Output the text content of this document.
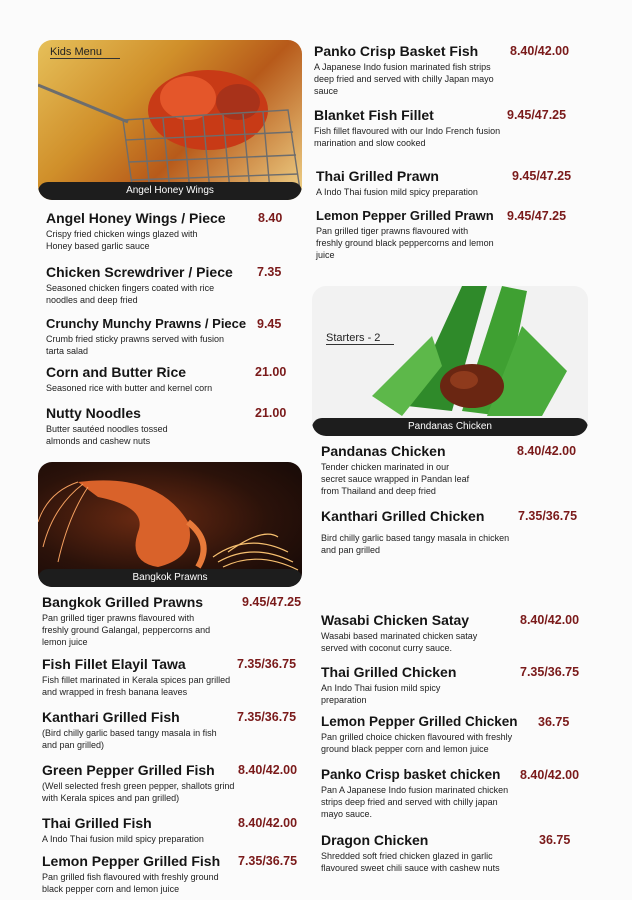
Kids Menu
Angel Honey Wings
Bangkok Prawns
Starters - 2
Pandanas Chicken
Angel Honey Wings / Piece	8.40
Crispy fried chicken wings glazed with Honey based garlic sauce
Chicken Screwdriver / Piece	7.35
Seasoned chicken fingers coated with rice noodles and deep fried
Crunchy Munchy Prawns / Piece 9.45
Crumb fried sticky prawns served with fusion tarta salad
Corn and Butter Rice	21.00
Seasoned rice with butter and kernel corn
Nutty Noodles	21.00
Butter sautéed noodles tossed almonds and cashew nuts
Bangkok Grilled Prawns	9.45/47.25
Pan grilled tiger prawns flavoured with freshly ground Galangal, peppercorns and lemon juice
Fish Fillet Elayil Tawa	7.35/36.75
Fish fillet marinated in Kerala spices pan grilled and wrapped in fresh banana leaves
Kanthari Grilled Fish	7.35/36.75
(Bird chilly garlic based tangy masala in fish and pan grilled)
Green Pepper Grilled Fish	8.40/42.00
(Well selected fresh green pepper, shallots grind with Kerala spices and pan grilled)
Thai Grilled Fish	8.40/42.00
A Indo Thai fusion mild spicy preparation
Lemon Pepper Grilled Fish	7.35/36.75
Pan grilled fish flavoured with freshly ground black pepper corn and lemon juice
Panko Crisp Basket Fish	8.40/42.00
A Japanese Indo fusion marinated fish strips deep fried and served with chilly Japan mayo sauce
Blanket Fish Fillet	9.45/47.25
Fish fillet flavoured with our Indo French fusion marination and slow cooked
Thai Grilled Prawn	9.45/47.25
A Indo Thai fusion mild spicy preparation
Lemon Pepper Grilled Prawn	9.45/47.25
Pan grilled tiger prawns flavoured with freshly ground black peppercorns and lemon juice
Pandanas Chicken	8.40/42.00
Tender chicken marinated in our secret sauce wrapped in Pandan leaf from Thailand and deep fried
Kanthari Grilled Chicken	7.35/36.75
Bird chilly garlic based tangy masala in chicken and pan grilled
Wasabi Chicken Satay	8.40/42.00
Wasabi based marinated chicken satay served with coconut curry sauce.
Thai Grilled Chicken	7.35/36.75
An Indo Thai fusion mild spicy preparation
Lemon Pepper Grilled Chicken	36.75
Pan grilled choice chicken flavoured with freshly ground black pepper corn and lemon juice
Panko Crisp basket chicken	8.40/42.00
Pan A Japanese Indo fusion marinated chicken strips deep fried and served with chilly japan mayo sauce.
Dragon Chicken	36.75
Shredded soft fried chicken glazed in garlic flavoured sweet chili sauce with cashew nuts
